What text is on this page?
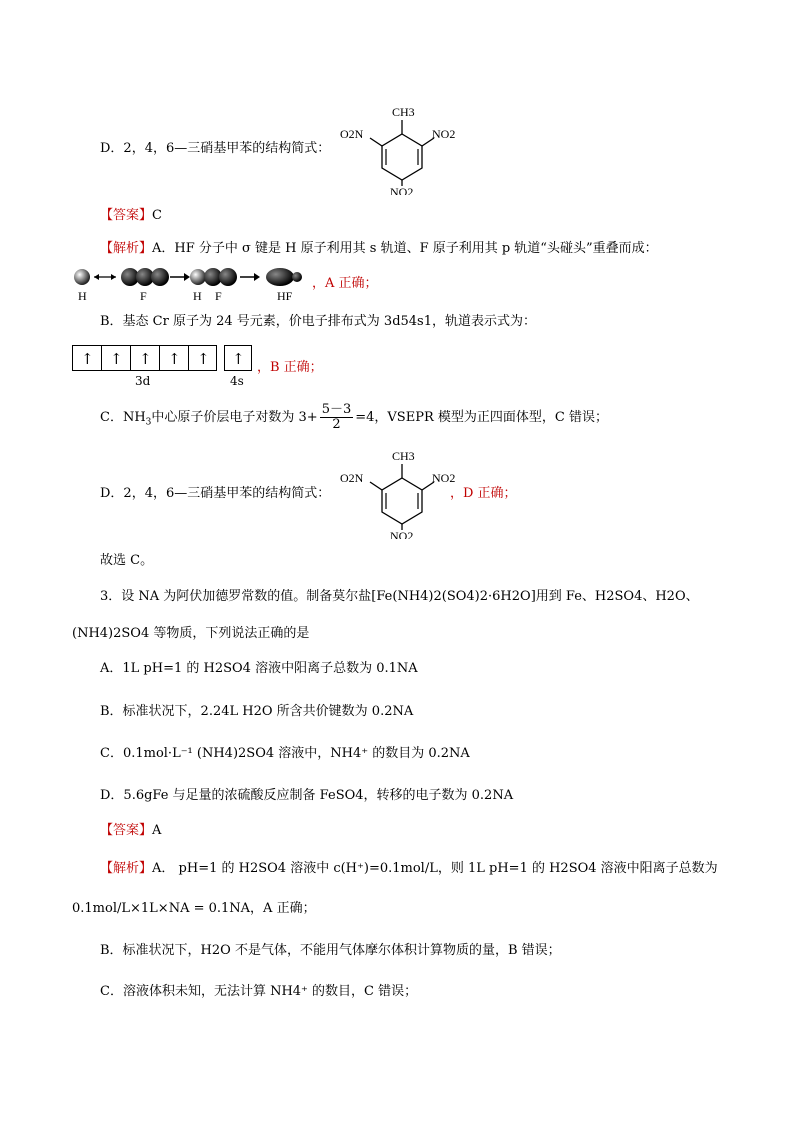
D．2，4，6—三硝基甲苯的结构简式：
CH3
O2N	NO2
NO2
【答案】C
【解析】A．HF 分子中 σ 键是 H 原子利用其 s 轨道、F 原子利用其 p 轨道“头碰头”重叠而成：
H	F	H F	HF
，A 正确；
B．基态 Cr 原子为 24 号元素，价电子排布式为 3d54s1，轨道表示式为：
↑ ↑ ↑ ↑ ↑ ↑
3d	4s
，B 正确；
C．$NH_3$中心原子价层电子对数为 $3+ \frac{5-3}{2} =4$，VSEPR 模型为正四面体型，C 错误；
D．2，4，6—三硝基甲苯的结构简式：
CH3
O2N	NO2
NO2
，D 正确；
故选 C。
3．设 NA 为阿伏加德罗常数的值。制备莫尔盐[Fe(NH4)2(SO4)2·6H2O]用到 Fe、H2SO4、H2O、
(NH4)2SO4 等物质，下列说法正确的是
A．1L pH=1 的 H2SO4 溶液中阳离子总数为 0.1NA
B．标准状况下，2.24L H2O 所含共价键数为 0.2NA
C．0.1mol·L⁻¹ (NH4)2SO4 溶液中，NH4⁺ 的数目为 0.2NA
D．5.6gFe 与足量的浓硫酸反应制备 FeSO4，转移的电子数为 0.2NA
【答案】A
【解析】A． pH=1 的 H2SO4 溶液中 c(H⁺)=0.1mol/L，则 1L pH=1 的 H2SO4 溶液中阳离子总数为
0.1mol/L×1L×NA = 0.1NA，A 正确；
B．标准状况下，H2O 不是气体，不能用气体摩尔体积计算物质的量，B 错误；
C．溶液体积未知，无法计算 NH4⁺ 的数目，C 错误；
